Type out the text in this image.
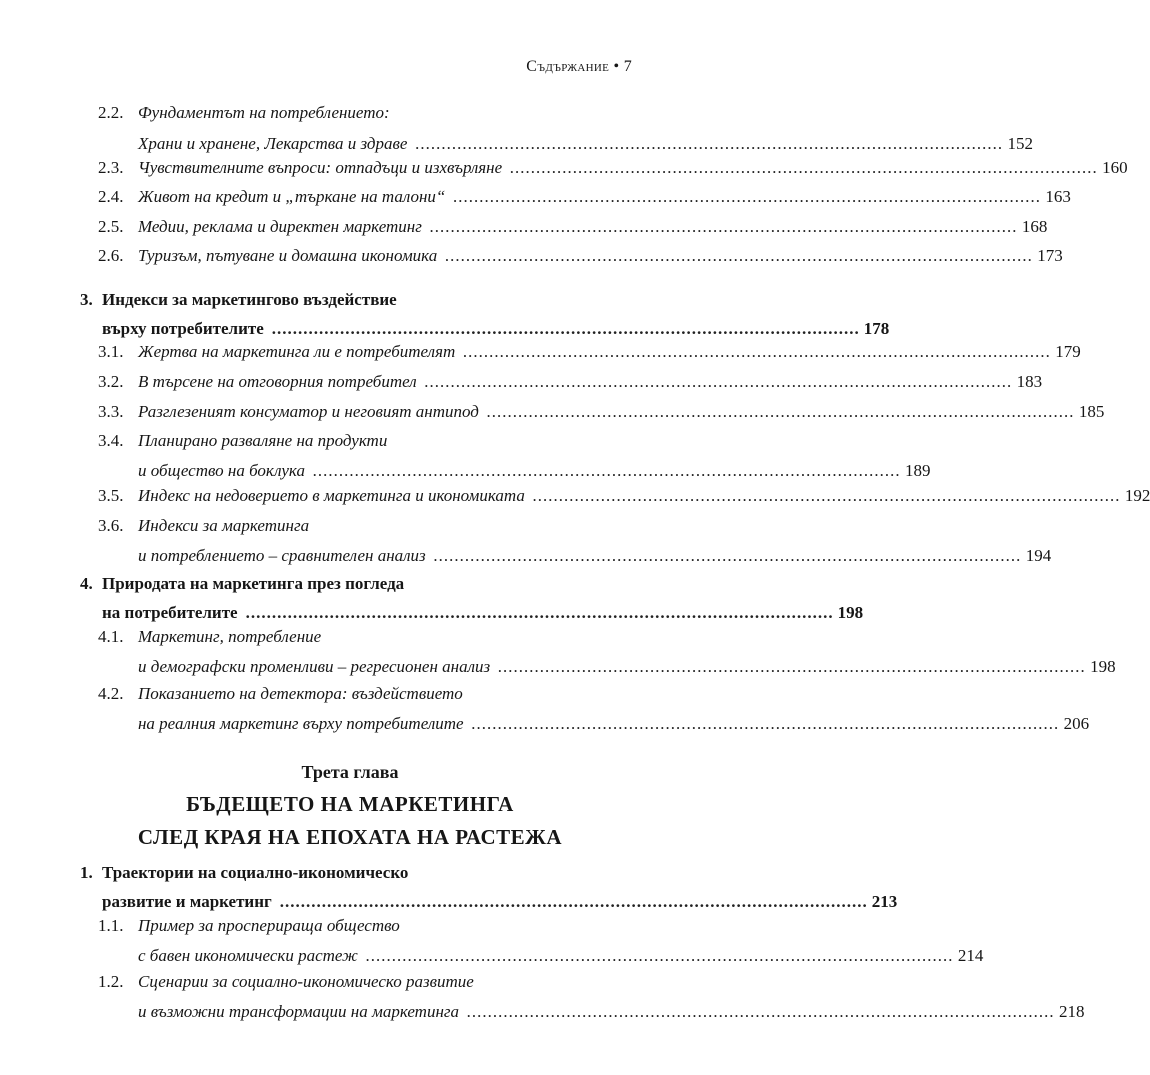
Съдържание • 7
2.2. Фундаментът на потреблението:
Храни и хранене, Лекарства и здраве ................................................................................................................ 152
2.3. Чувствителните въпроси: отпадъци и изхвърляне ................................................................................................................ 160
2.4. Живот на кредит и „търкане на талони“ ................................................................................................................ 163
2.5. Медии, реклама и директен маркетинг ................................................................................................................ 168
2.6. Туризъм, пътуване и домашна икономика ................................................................................................................ 173
3. Индекси за маркетингово въздействие
върху потребителите ................................................................................................................ 178
3.1. Жертва на маркетинга ли е потребителят ................................................................................................................ 179
3.2. В търсене на отговорния потребител ................................................................................................................ 183
3.3. Разглезеният консуматор и неговият антипод ................................................................................................................ 185
3.4. Планирано разваляне на продукти
и общество на боклука ................................................................................................................ 189
3.5. Индекс на недоверието в маркетинга и икономиката ................................................................................................................ 192
3.6. Индекси за маркетинга
и потреблението – сравнителен анализ ................................................................................................................ 194
4. Природата на маркетинга през погледа
на потребителите ................................................................................................................ 198
4.1. Маркетинг, потребление
и демографски променливи – регресионен анализ ................................................................................................................ 198
4.2. Показанието на детектора: въздействието
на реалния маркетинг върху потребителите ................................................................................................................ 206
Трета глава
БЪДЕЩЕТО НА МАРКЕТИНГА
СЛЕД КРАЯ НА ЕПОХАТА НА РАСТЕЖА
1. Траектории на социално-икономическо
развитие и маркетинг ................................................................................................................ 213
1.1. Пример за просперираща общество
с бавен икономически растеж ................................................................................................................ 214
1.2. Сценарии за социално-икономическо развитие
и възможни трансформации на маркетинга ................................................................................................................ 218
